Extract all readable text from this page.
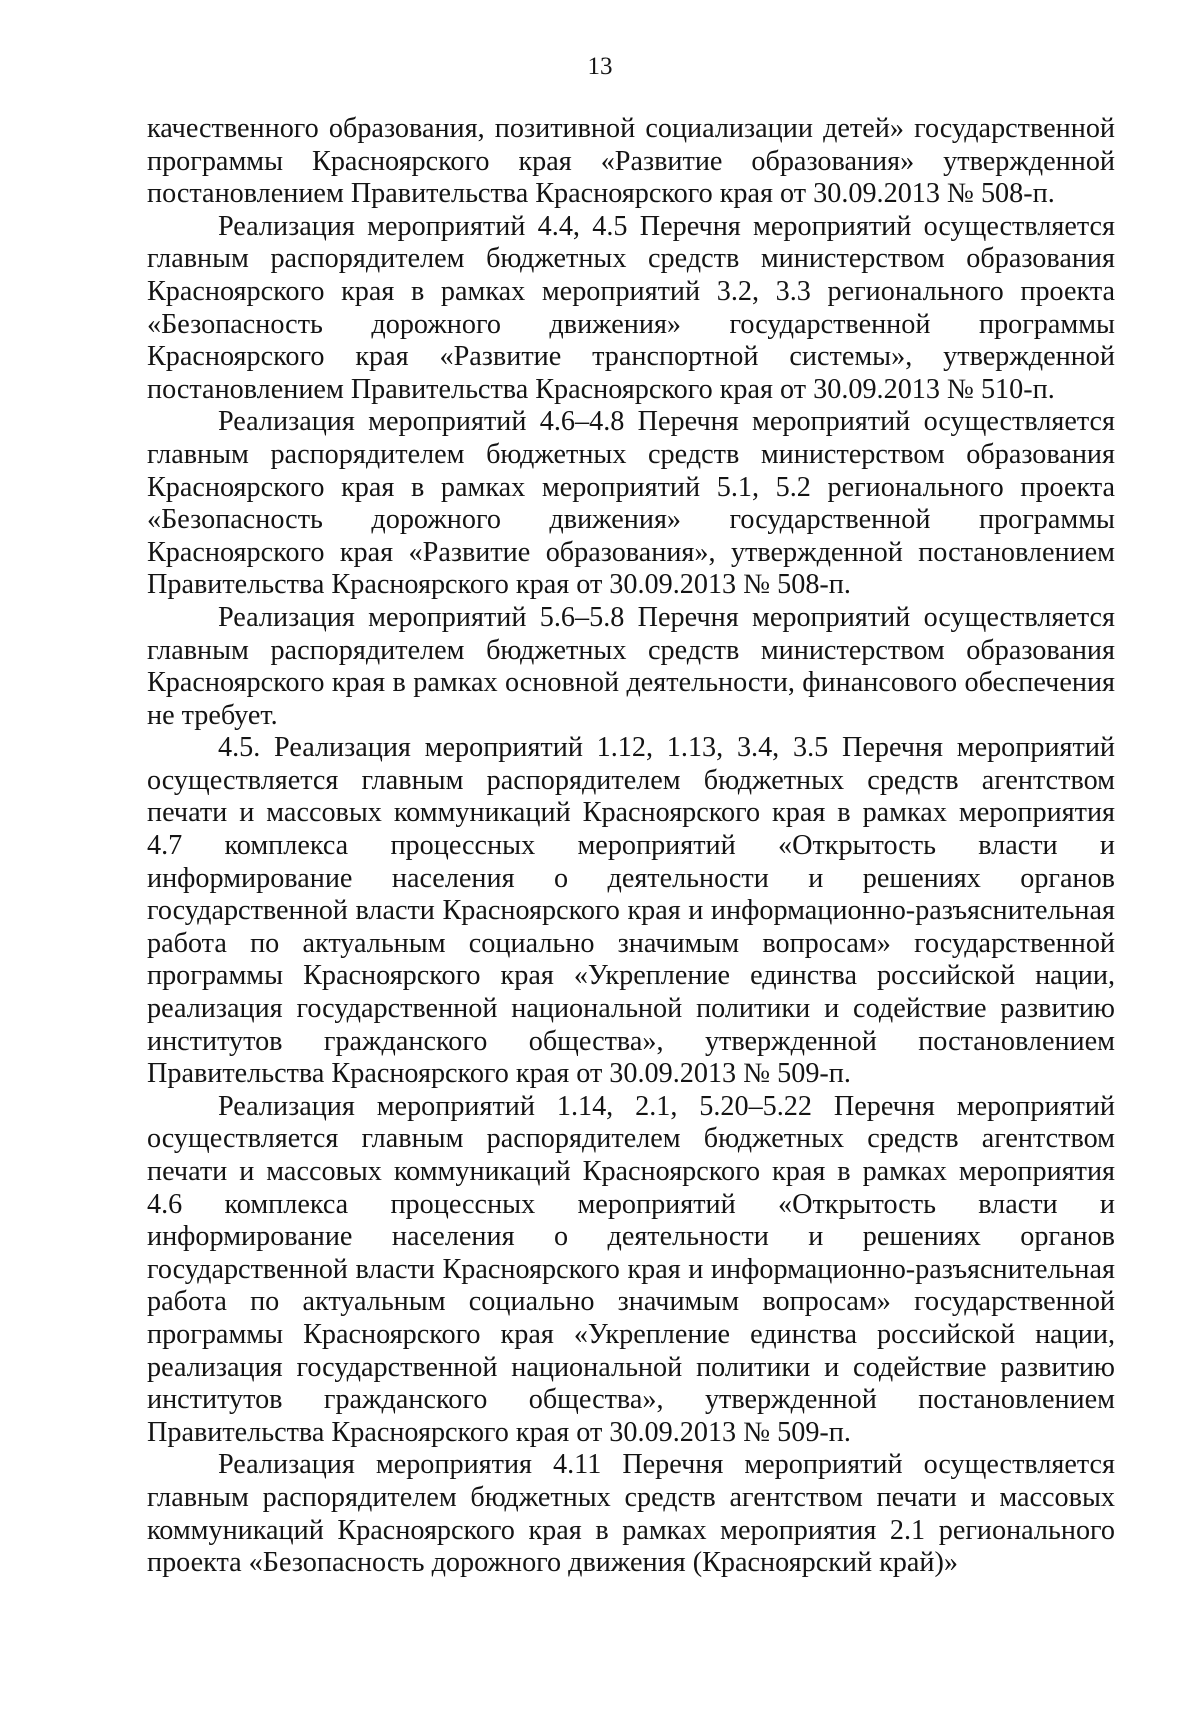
13

качественного образования, позитивной социализации детей» государственной программы Красноярского края «Развитие образования» утвержденной постановлением Правительства Красноярского края от 30.09.2013 № 508-п.

Реализация мероприятий 4.4, 4.5 Перечня мероприятий осуществляется главным распорядителем бюджетных средств министерством образования Красноярского края в рамках мероприятий 3.2, 3.3 регионального проекта «Безопасность дорожного движения» государственной программы Красноярского края «Развитие транспортной системы», утвержденной постановлением Правительства Красноярского края от 30.09.2013 № 510-п.

Реализация мероприятий 4.6–4.8 Перечня мероприятий осуществляется главным распорядителем бюджетных средств министерством образования Красноярского края в рамках мероприятий 5.1, 5.2 регионального проекта «Безопасность дорожного движения» государственной программы Красноярского края «Развитие образования», утвержденной постановлением Правительства Красноярского края от 30.09.2013 № 508-п.

Реализация мероприятий 5.6–5.8 Перечня мероприятий осуществляется главным распорядителем бюджетных средств министерством образования Красноярского края в рамках основной деятельности, финансового обеспечения не требует.

4.5. Реализация мероприятий 1.12, 1.13, 3.4, 3.5 Перечня мероприятий осуществляется главным распорядителем бюджетных средств агентством печати и массовых коммуникаций Красноярского края в рамках мероприятия 4.7 комплекса процессных мероприятий «Открытость власти и информирование населения о деятельности и решениях органов государственной власти Красноярского края и информационно-разъяснительная работа по актуальным социально значимым вопросам» государственной программы Красноярского края «Укрепление единства российской нации, реализация государственной национальной политики и содействие развитию институтов гражданского общества», утвержденной постановлением Правительства Красноярского края от 30.09.2013 № 509-п.

Реализация мероприятий 1.14, 2.1, 5.20–5.22 Перечня мероприятий осуществляется главным распорядителем бюджетных средств агентством печати и массовых коммуникаций Красноярского края в рамках мероприятия 4.6 комплекса процессных мероприятий «Открытость власти и информирование населения о деятельности и решениях органов государственной власти Красноярского края и информационно-разъяснительная работа по актуальным социально значимым вопросам» государственной программы Красноярского края «Укрепление единства российской нации, реализация государственной национальной политики и содействие развитию институтов гражданского общества», утвержденной постановлением Правительства Красноярского края от 30.09.2013 № 509-п.

Реализация мероприятия 4.11 Перечня мероприятий осуществляется главным распорядителем бюджетных средств агентством печати и массовых коммуникаций Красноярского края в рамках мероприятия 2.1 регионального проекта «Безопасность дорожного движения (Красноярский край)»
